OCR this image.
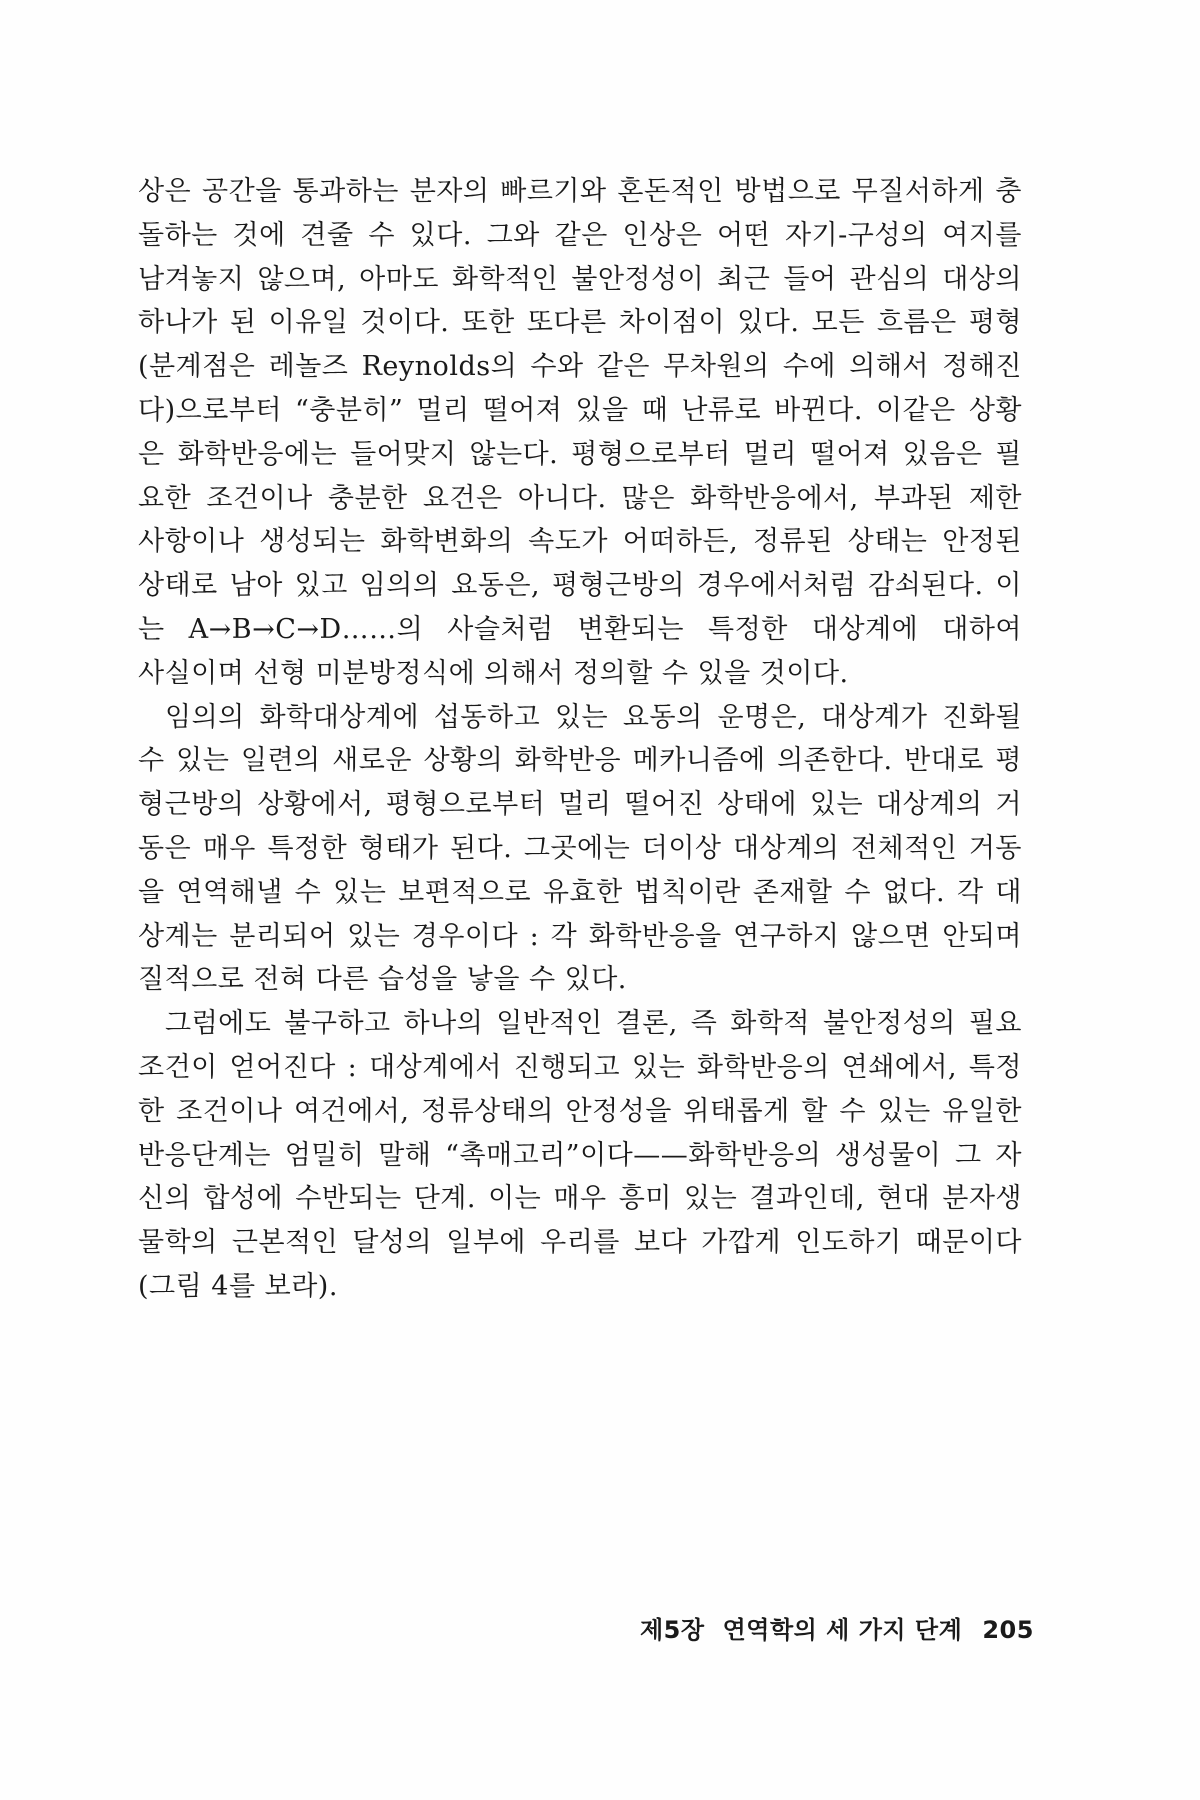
상은 공간을 통과하는 분자의 빠르기와 혼돈적인 방법으로 무질서하게 충
돌하는 것에 견줄 수 있다. 그와 같은 인상은 어떤 자기-구성의 여지를
남겨놓지 않으며, 아마도 화학적인 불안정성이 최근 들어 관심의 대상의
하나가 된 이유일 것이다. 또한 또다른 차이점이 있다. 모든 흐름은 평형
(분계점은 레놀즈 Reynolds의 수와 같은 무차원의 수에 의해서 정해진
다)으로부터 “충분히” 멀리 떨어져 있을 때 난류로 바뀐다. 이같은 상황
은 화학반응에는 들어맞지 않는다. 평형으로부터 멀리 떨어져 있음은 필
요한 조건이나 충분한 요건은 아니다. 많은 화학반응에서, 부과된 제한
사항이나 생성되는 화학변화의 속도가 어떠하든, 정류된 상태는 안정된
상태로 남아 있고 임의의 요동은, 평형근방의 경우에서처럼 감쇠된다. 이
는 A→B→C→D……의 사슬처럼 변환되는 특정한 대상계에 대하여
사실이며 선형 미분방정식에 의해서 정의할 수 있을 것이다.
임의의 화학대상계에 섭동하고 있는 요동의 운명은, 대상계가 진화될
수 있는 일련의 새로운 상황의 화학반응 메카니즘에 의존한다. 반대로 평
형근방의 상황에서, 평형으로부터 멀리 떨어진 상태에 있는 대상계의 거
동은 매우 특정한 형태가 된다. 그곳에는 더이상 대상계의 전체적인 거동
을 연역해낼 수 있는 보편적으로 유효한 법칙이란 존재할 수 없다. 각 대
상계는 분리되어 있는 경우이다 : 각 화학반응을 연구하지 않으면 안되며
질적으로 전혀 다른 습성을 낳을 수 있다.
그럼에도 불구하고 하나의 일반적인 결론, 즉 화학적 불안정성의 필요
조건이 얻어진다 : 대상계에서 진행되고 있는 화학반응의 연쇄에서, 특정
한 조건이나 여건에서, 정류상태의 안정성을 위태롭게 할 수 있는 유일한
반응단계는 엄밀히 말해 “촉매고리”이다——화학반응의 생성물이 그 자
신의 합성에 수반되는 단계. 이는 매우 흥미 있는 결과인데, 현대 분자생
물학의 근본적인 달성의 일부에 우리를 보다 가깝게 인도하기 때문이다
(그림 4를 보라).
제5장 연역학의 세 가지 단계 205
